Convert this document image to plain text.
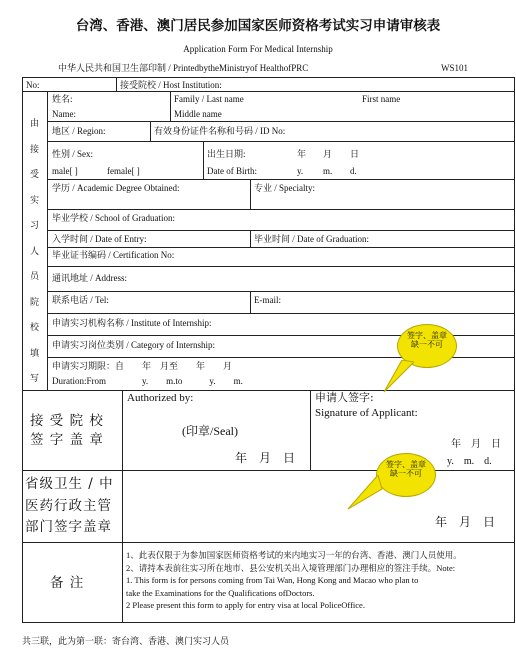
台湾、香港、澳门居民参加国家医师资格考试实习申请审核表
Application Form For Medical Internship
中华人民共和国卫生部印制 / PrintedbytheMinistryof HealthofPRC	WS101
No:	接受院校 / Host Institution:
由
接
受
实
习
人
员
院
校
填
写
姓名:
Name:
Family / Last name	First name
Middle name
地区 / Region:	有效身份证件名称和号码 / ID No:
性别 / Sex:
male[ ]	female[ ]
出生日期:	年 月 日
Date of Birth:	y. m. d.
学历 / Academic Degree Obtained:	专业 / Specialty:
毕业学校 / School of Graduation:
入学时间 / Date of Entry:	毕业时间 / Date of Graduation:
毕业证书编码 / Certification No:
通讯地址 / Address:
联系电话 / Tel:	E-mail:
申请实习机构名称 / Institute of Internship:
申请实习岗位类别 / Category of Internship:
申请实习期限：自　　年　月至　　年　　月
Duration:From　　　　y.　　m.to　　　y.　　m.
接 受 院 校
签 字 盖 章
Authorized by:
(印章/Seal)
年　月　日
申请人签字:
Signature of Applicant:
年　月　日
y.　m.　d.
省级卫生 / 中
医药行政主管
部门签字盖章	年　月　日
备 注
1、此表仅限于为参加国家医师资格考试的来内地实习一年的台湾、香港、澳门人员使用。
2、请持本表前往实习所在地市、县公安机关出入境管理部门办理相应的签注手续。Note:
1. This form is for persons coming from Tai Wan, Hong Kong and Macao who plan to
take the Examinations for the Qualifications ofDoctors.
2 Please present this form to apply for entry visa at local PoliceOffice.
共三联，此为第一联：寄台湾、香港、澳门实习人员
签字、盖章缺一不可
签字、盖章缺一不可
